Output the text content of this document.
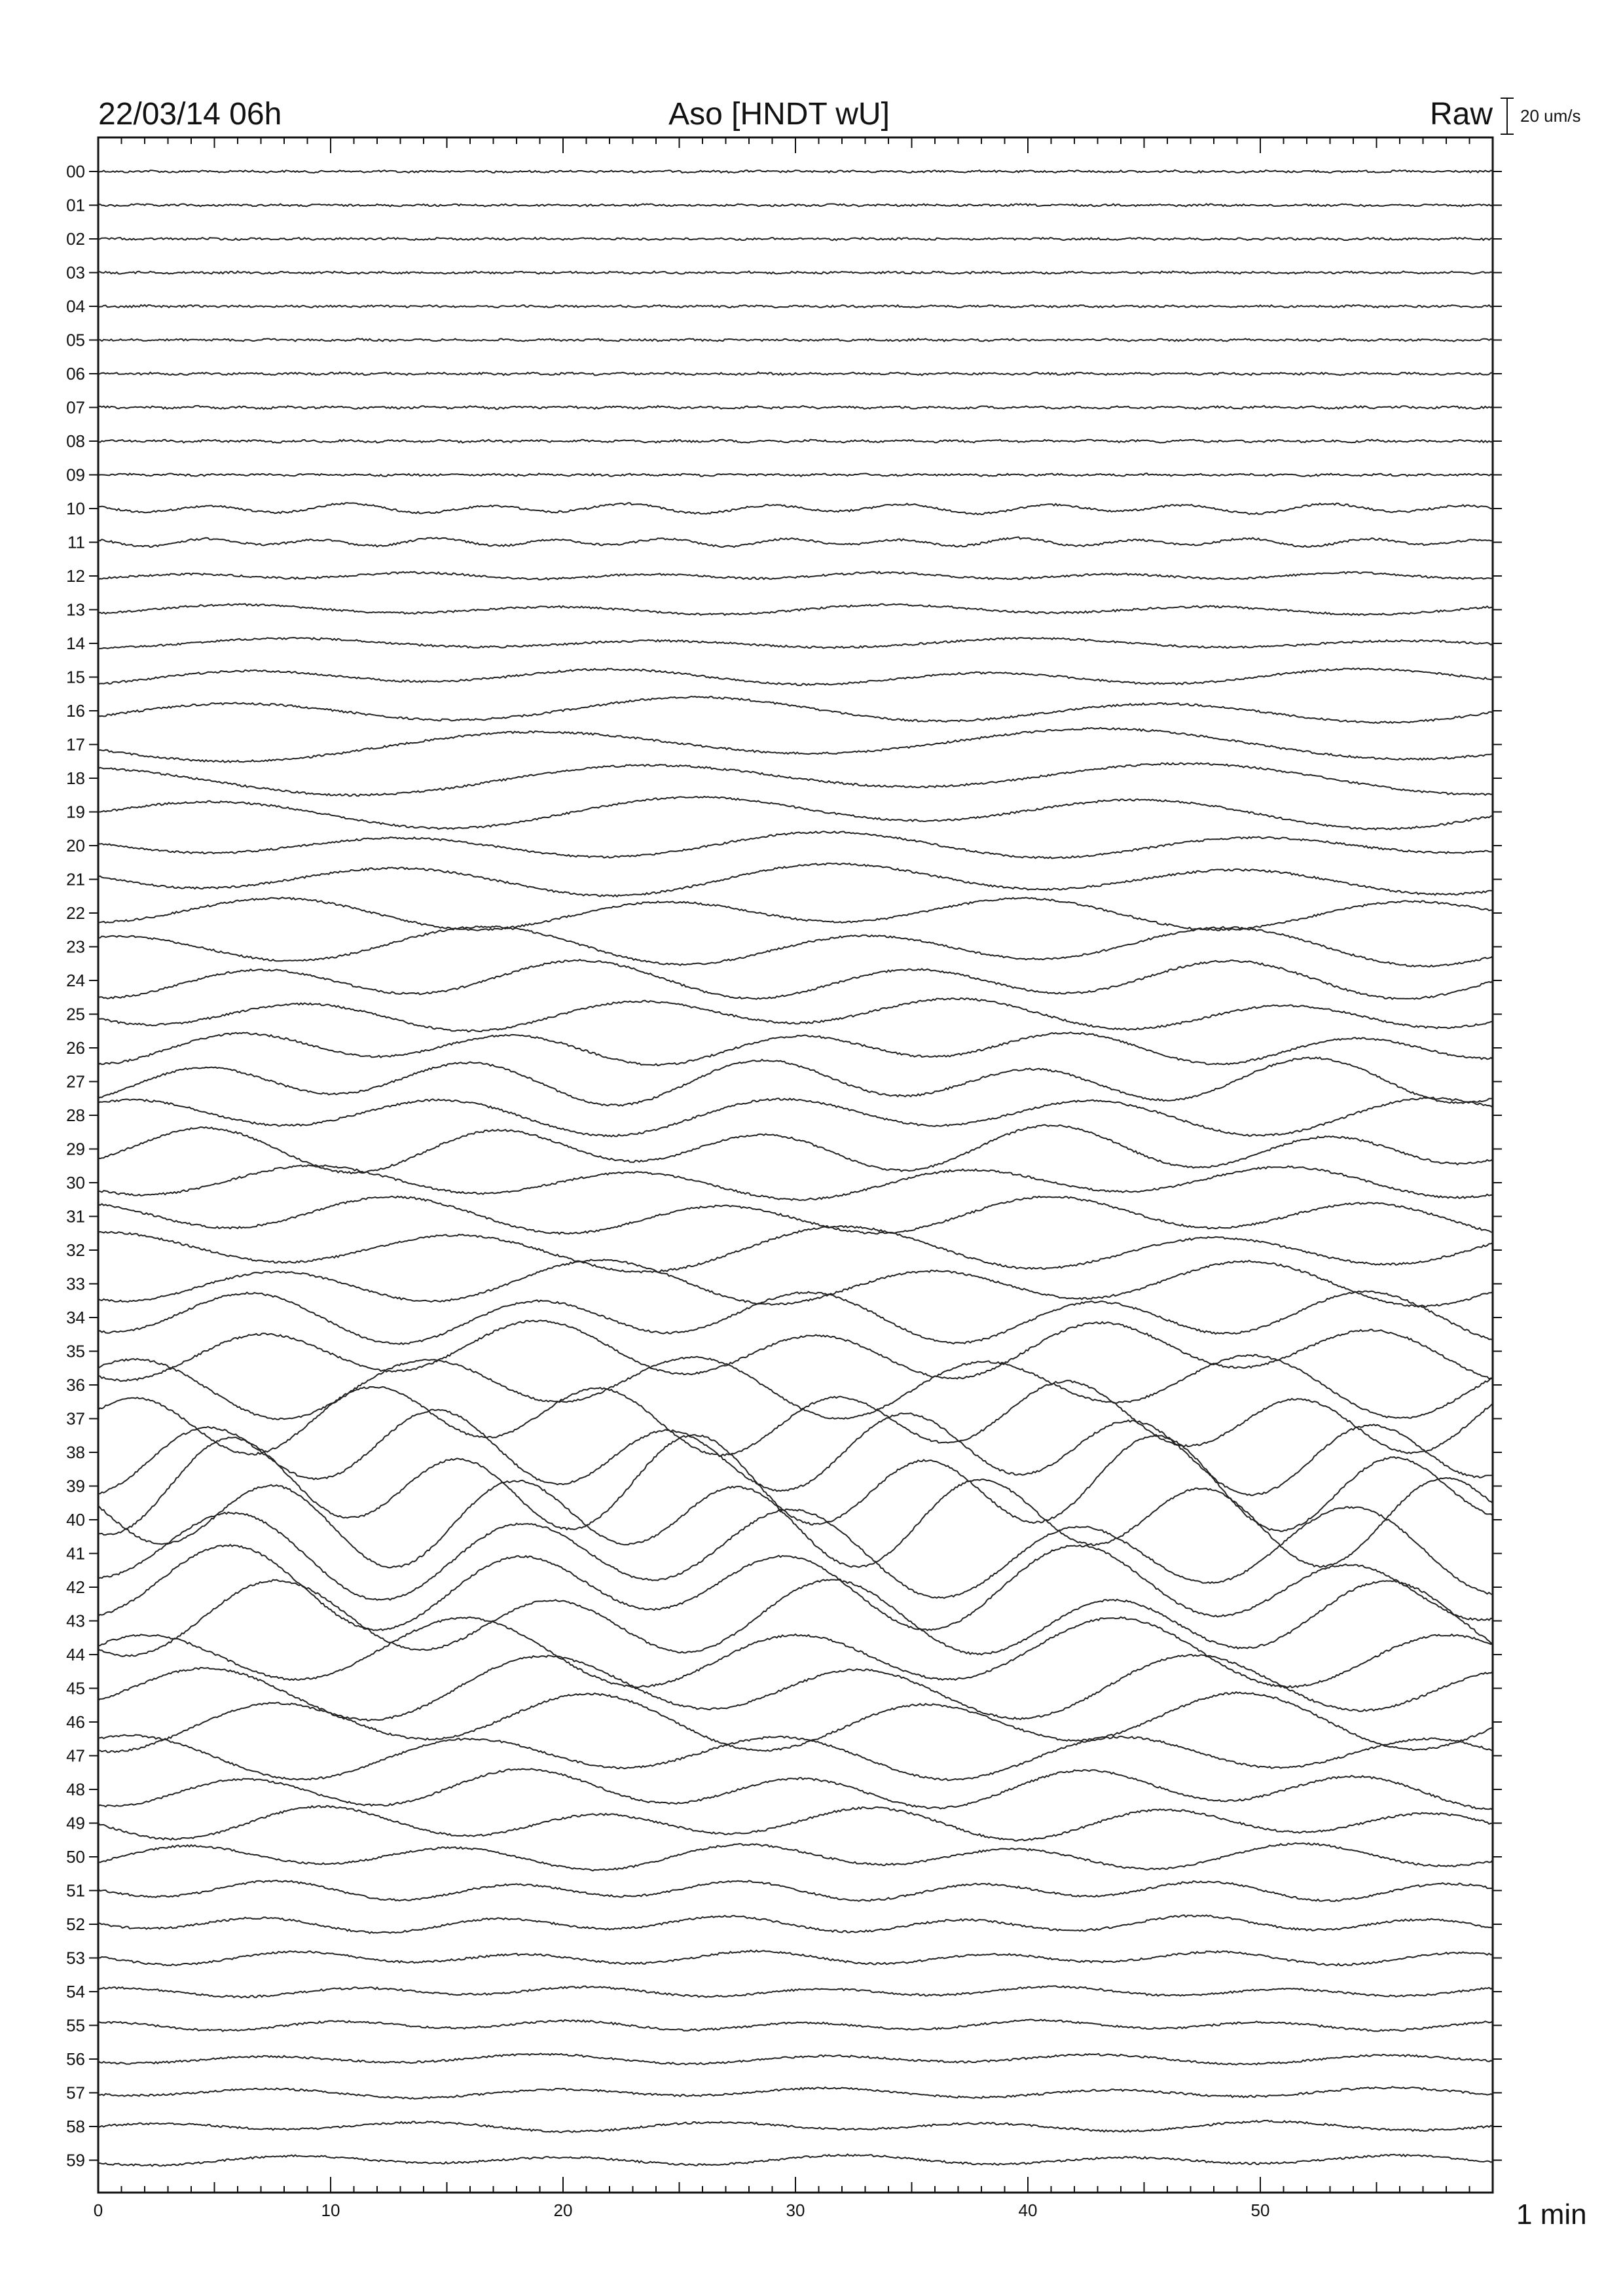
22/03/14 06h	Aso [HNDT wU]	Raw 20 um/s
00
01
02
03
04
05
06
07
08
09
10
11
12
13
14
15
16
17
18
19
20
21
22
23
24
25
26
27
28
29
30
31
32
33
34
35
36
37
38
39
40
41
42
43
44
45
46
47
48
49
50
51
52
53
54
55
56
57
58
59
0	10	20	30	40	50	1 min
